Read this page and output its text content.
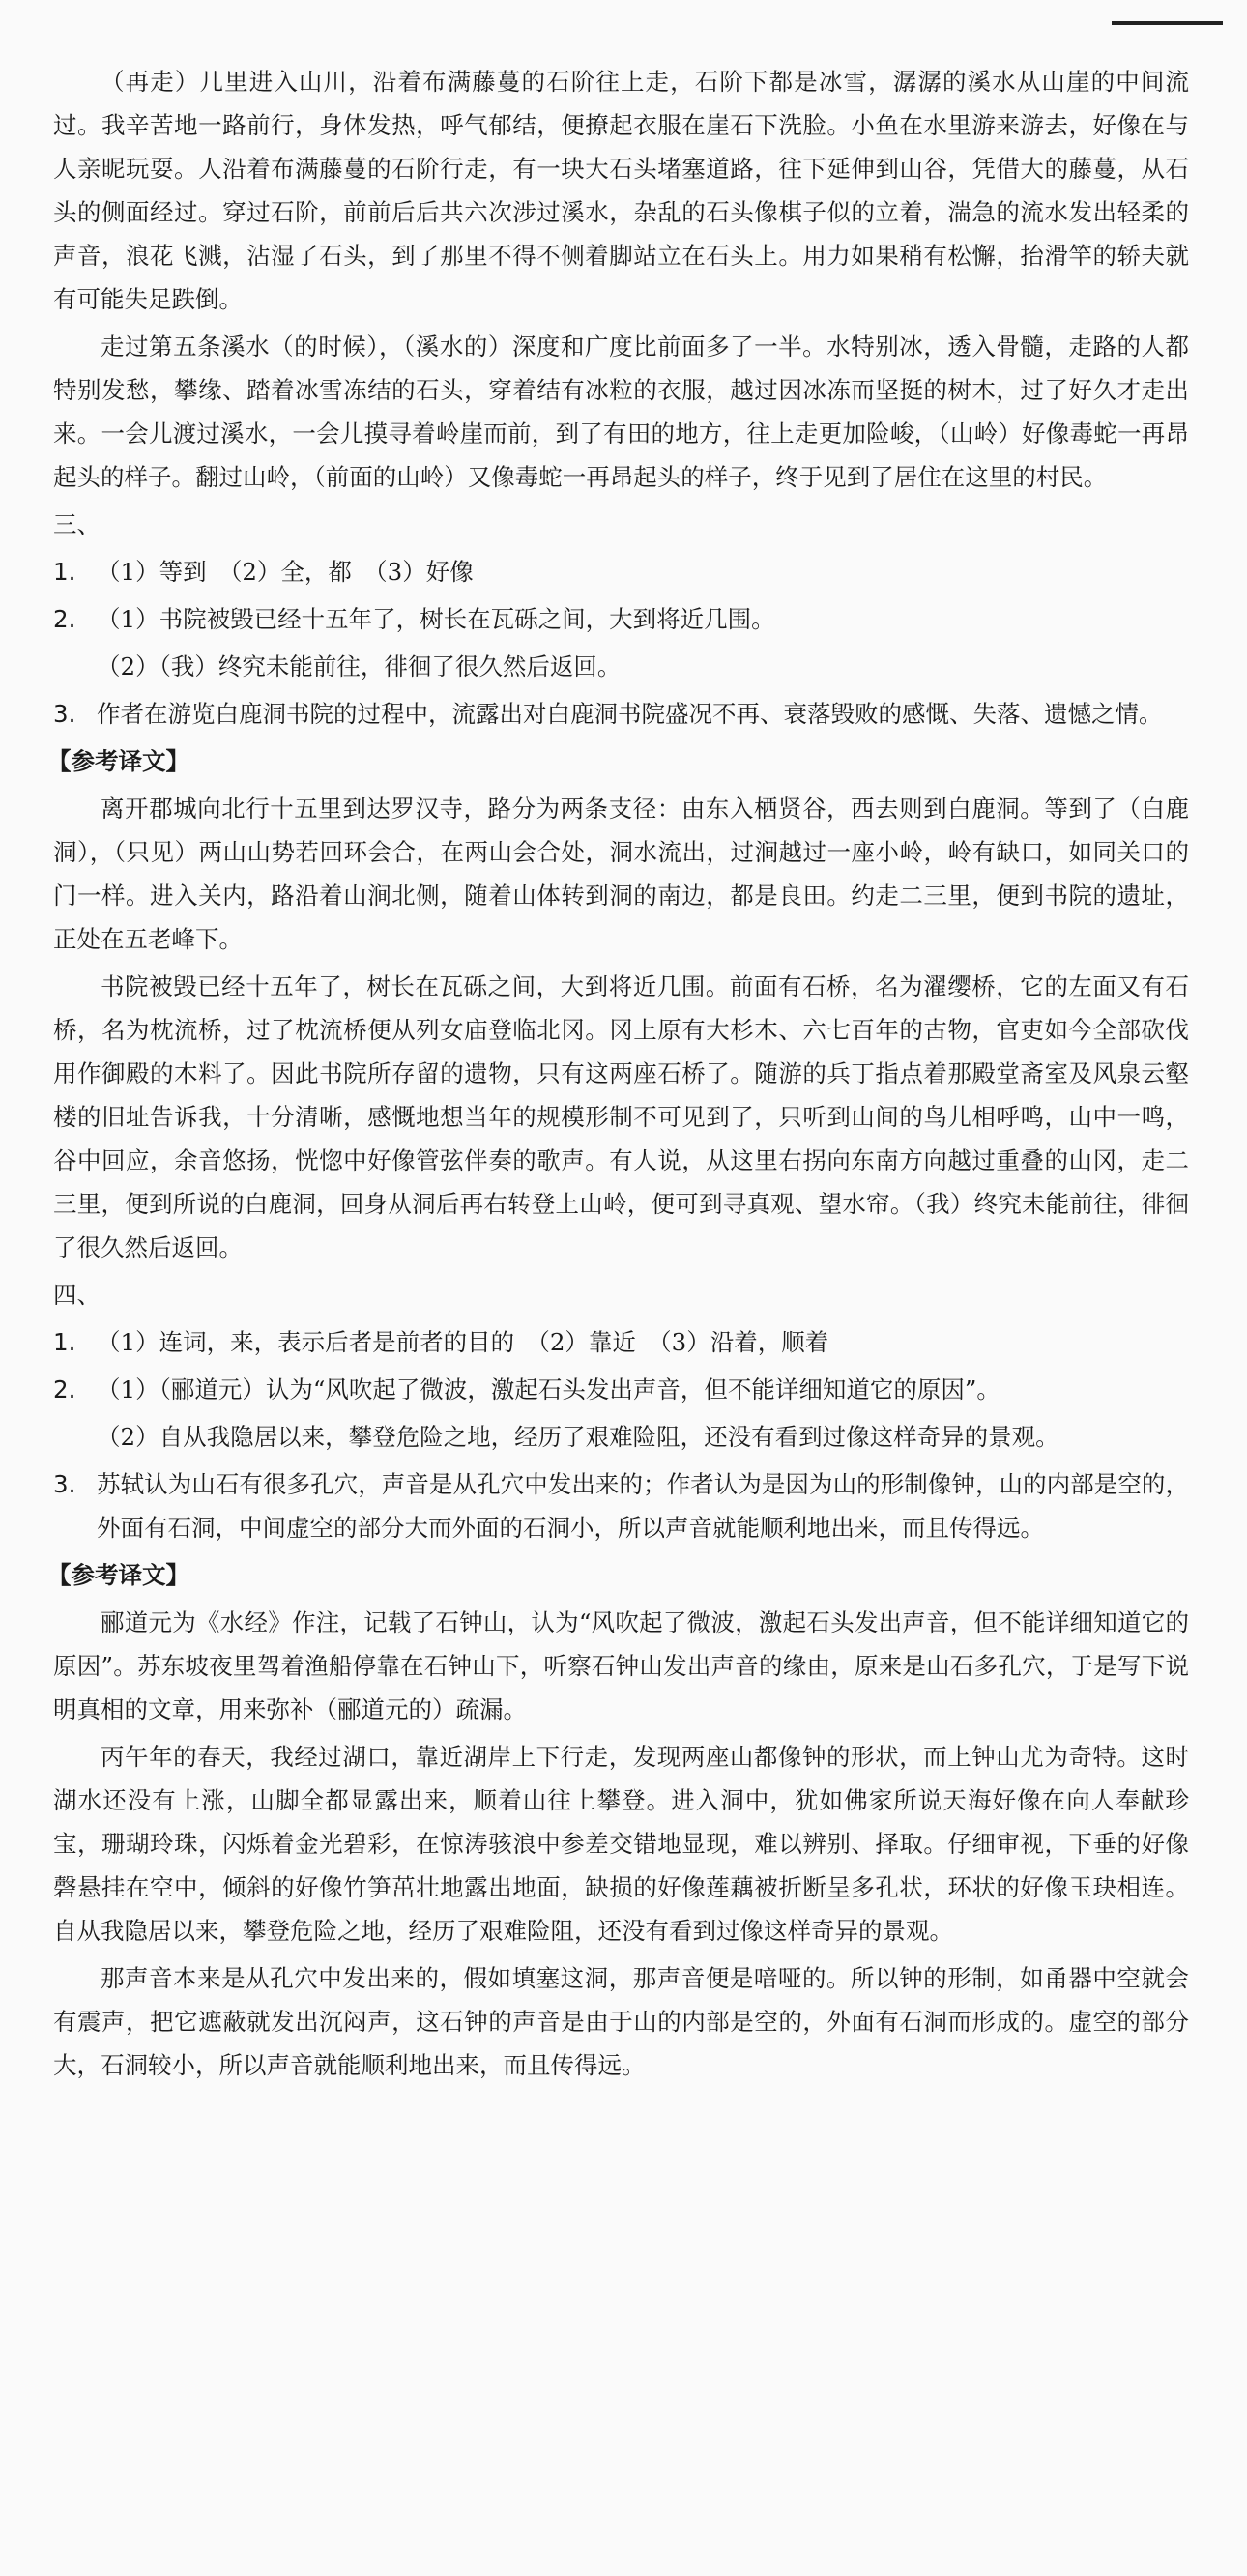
（再走）几里进入山川，沿着布满藤蔓的石阶往上走，石阶下都是冰雪，潺潺的溪水从山崖的中间流过。我辛苦地一路前行，身体发热，呼气郁结，便撩起衣服在崖石下洗脸。小鱼在水里游来游去，好像在与人亲昵玩耍。人沿着布满藤蔓的石阶行走，有一块大石头堵塞道路，往下延伸到山谷，凭借大的藤蔓，从石头的侧面经过。穿过石阶，前前后后共六次涉过溪水，杂乱的石头像棋子似的立着，湍急的流水发出轻柔的声音，浪花飞溅，沾湿了石头，到了那里不得不侧着脚站立在石头上。用力如果稍有松懈，抬滑竿的轿夫就有可能失足跌倒。

走过第五条溪水（的时候），（溪水的）深度和广度比前面多了一半。水特别冰，透入骨髓，走路的人都特别发愁，攀缘、踏着冰雪冻结的石头，穿着结有冰粒的衣服，越过因冰冻而坚挺的树木，过了好久才走出来。一会儿渡过溪水，一会儿摸寻着岭崖而前，到了有田的地方，往上走更加险峻，（山岭）好像毒蛇一再昂起头的样子。翻过山岭，（前面的山岭）又像毒蛇一再昂起头的样子，终于见到了居住在这里的村民。

三、

1. （1）等到　（2）全，都　（3）好像
2. （1）书院被毁已经十五年了，树长在瓦砾之间，大到将近几围。
（2）（我）终究未能前往，徘徊了很久然后返回。
3. 作者在游览白鹿洞书院的过程中，流露出对白鹿洞书院盛况不再、衰落毁败的感慨、失落、遗憾之情。
【参考译文】

离开郡城向北行十五里到达罗汉寺，路分为两条支径：由东入栖贤谷，西去则到白鹿洞。等到了（白鹿洞），（只见）两山山势若回环会合，在两山会合处，洞水流出，过涧越过一座小岭，岭有缺口，如同关口的门一样。进入关内，路沿着山涧北侧，随着山体转到洞的南边，都是良田。约走二三里，便到书院的遗址，正处在五老峰下。

书院被毁已经十五年了，树长在瓦砾之间，大到将近几围。前面有石桥，名为濯缨桥，它的左面又有石桥，名为枕流桥，过了枕流桥便从列女庙登临北冈。冈上原有大杉木、六七百年的古物，官吏如今全部砍伐用作御殿的木料了。因此书院所存留的遗物，只有这两座石桥了。随游的兵丁指点着那殿堂斋室及风泉云壑楼的旧址告诉我，十分清晰，感慨地想当年的规模形制不可见到了，只听到山间的鸟儿相呼鸣，山中一鸣，谷中回应，余音悠扬，恍惚中好像管弦伴奏的歌声。有人说，从这里右拐向东南方向越过重叠的山冈，走二三里，便到所说的白鹿洞，回身从洞后再右转登上山岭，便可到寻真观、望水帘。（我）终究未能前往，徘徊了很久然后返回。

四、

1. （1）连词，来，表示后者是前者的目的　（2）靠近　（3）沿着，顺着
2. （1）（郦道元）认为“风吹起了微波，激起石头发出声音，但不能详细知道它的原因”。
（2）自从我隐居以来，攀登危险之地，经历了艰难险阻，还没有看到过像这样奇异的景观。
3. 苏轼认为山石有很多孔穴，声音是从孔穴中发出来的；作者认为是因为山的形制像钟，山的内部是空的，外面有石洞，中间虚空的部分大而外面的石洞小，所以声音就能顺利地出来，而且传得远。
【参考译文】

郦道元为《水经》作注，记载了石钟山，认为“风吹起了微波，激起石头发出声音，但不能详细知道它的原因”。苏东坡夜里驾着渔船停靠在石钟山下，听察石钟山发出声音的缘由，原来是山石多孔穴，于是写下说明真相的文章，用来弥补（郦道元的）疏漏。

丙午年的春天，我经过湖口，靠近湖岸上下行走，发现两座山都像钟的形状，而上钟山尤为奇特。这时湖水还没有上涨，山脚全都显露出来，顺着山往上攀登。进入洞中，犹如佛家所说天海好像在向人奉献珍宝，珊瑚玲珠，闪烁着金光碧彩，在惊涛骇浪中参差交错地显现，难以辨别、择取。仔细审视，下垂的好像磬悬挂在空中，倾斜的好像竹笋茁壮地露出地面，缺损的好像莲藕被折断呈多孔状，环状的好像玉玦相连。自从我隐居以来，攀登危险之地，经历了艰难险阻，还没有看到过像这样奇异的景观。

那声音本来是从孔穴中发出来的，假如填塞这洞，那声音便是喑哑的。所以钟的形制，如甬器中空就会有震声，把它遮蔽就发出沉闷声，这石钟的声音是由于山的内部是空的，外面有石洞而形成的。虚空的部分大，石洞较小，所以声音就能顺利地出来，而且传得远。
